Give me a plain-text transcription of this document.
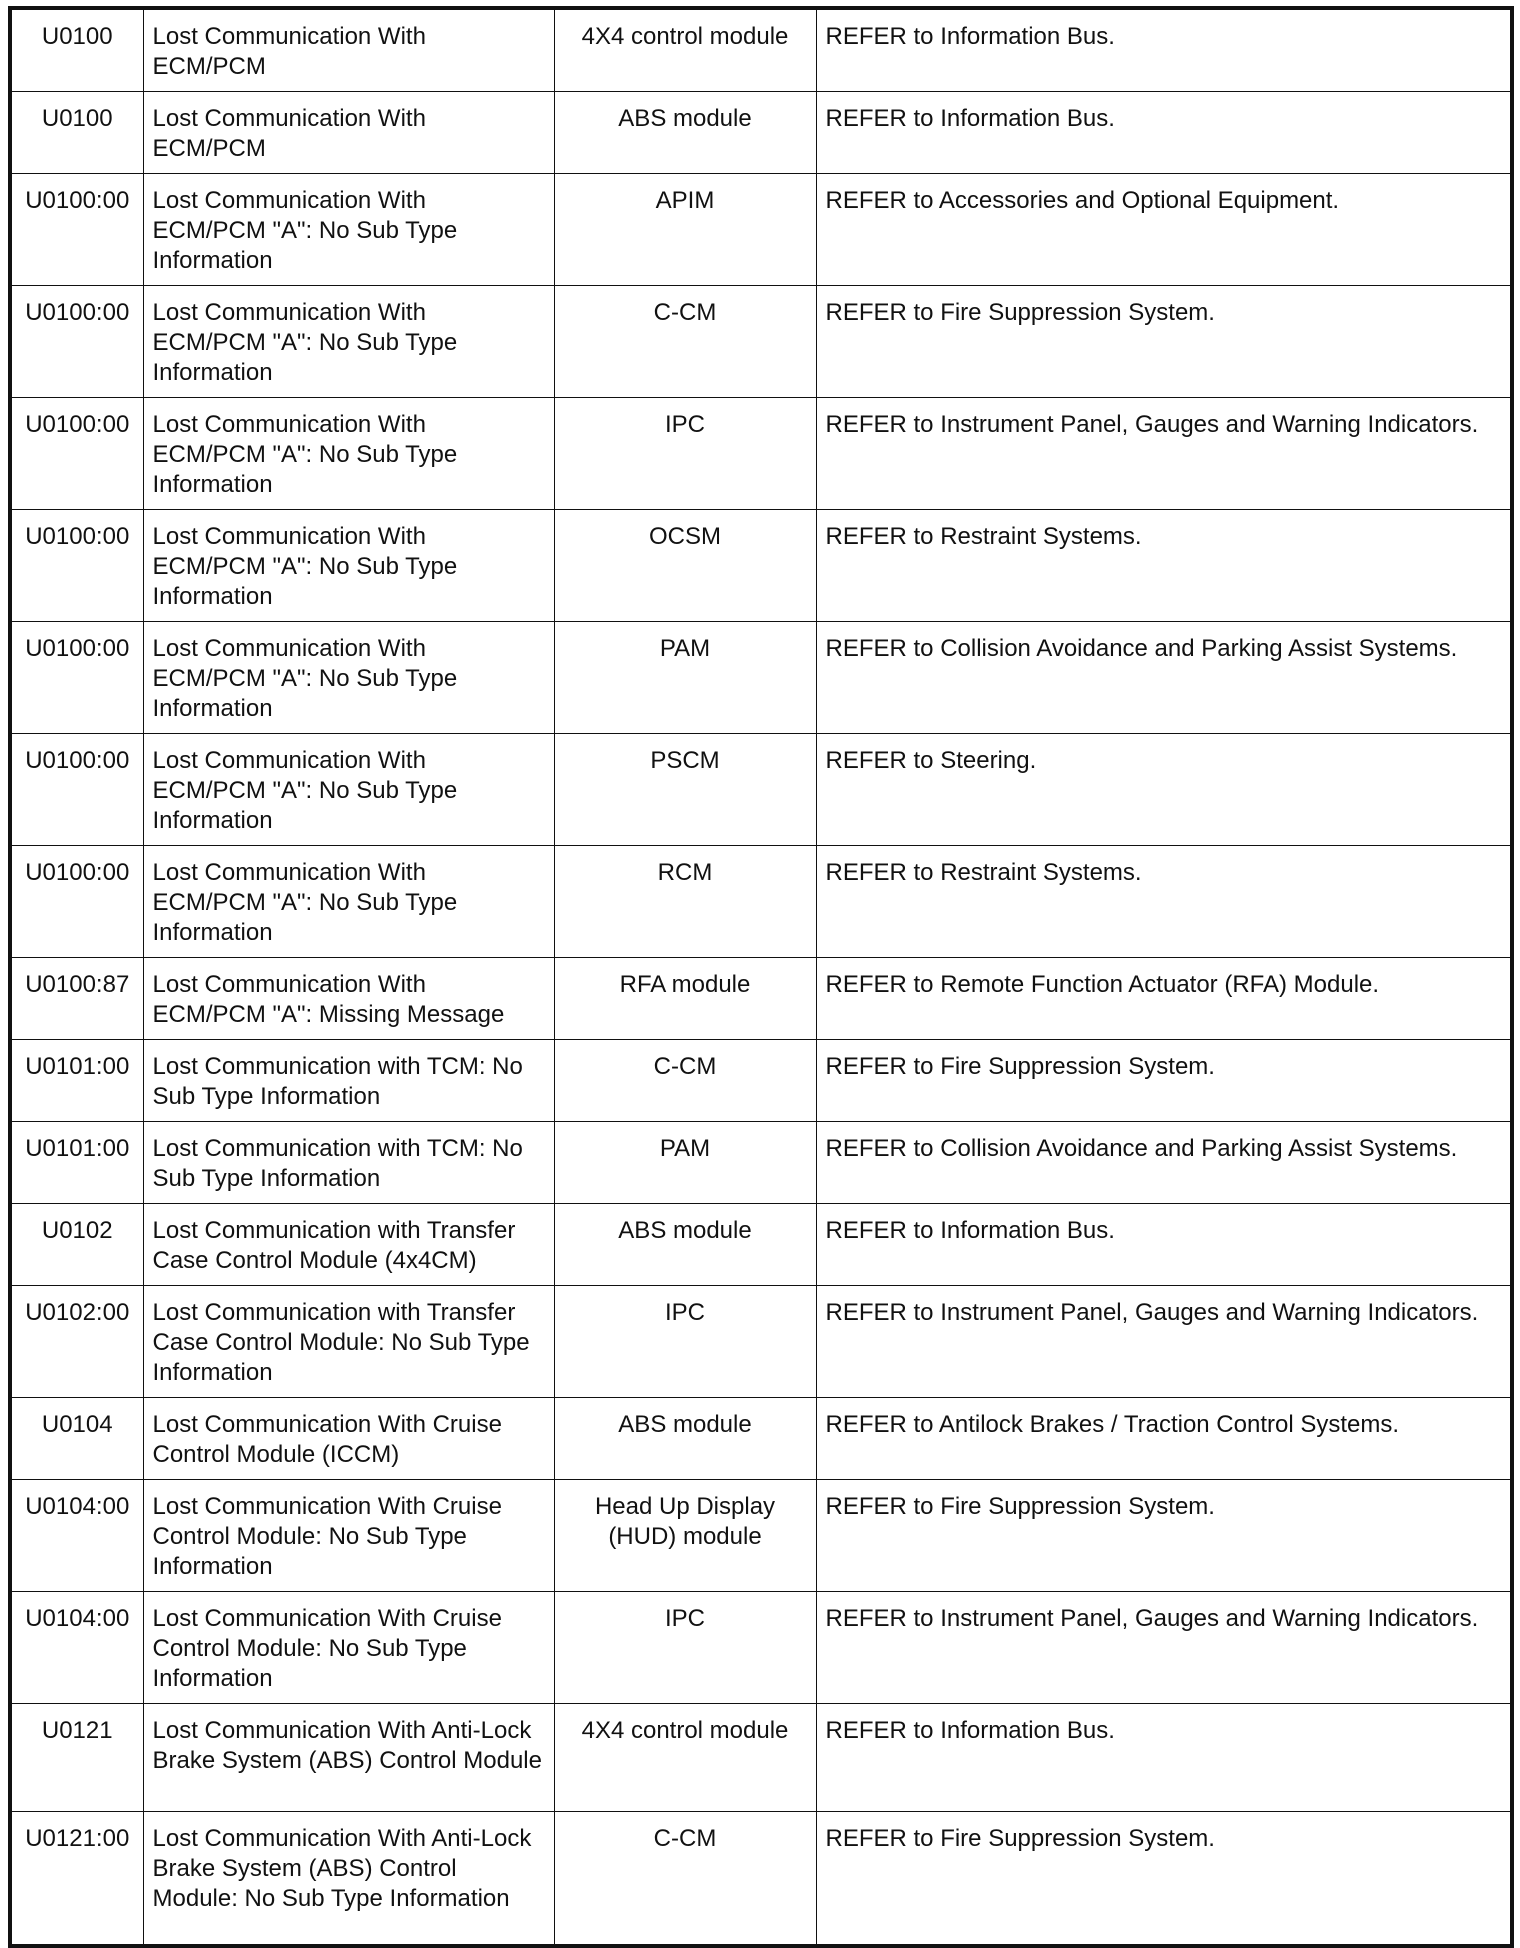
U0100	Lost Communication With ECM/PCM	4X4 control module	REFER to Information Bus.
U0100	Lost Communication With ECM/PCM	ABS module	REFER to Information Bus.
U0100:00	Lost Communication With ECM/PCM "A": No Sub Type Information	APIM	REFER to Accessories and Optional Equipment.
U0100:00	Lost Communication With ECM/PCM "A": No Sub Type Information	C-CM	REFER to Fire Suppression System.
U0100:00	Lost Communication With ECM/PCM "A": No Sub Type Information	IPC	REFER to Instrument Panel, Gauges and Warning Indicators.
U0100:00	Lost Communication With ECM/PCM "A": No Sub Type Information	OCSM	REFER to Restraint Systems.
U0100:00	Lost Communication With ECM/PCM "A": No Sub Type Information	PAM	REFER to Collision Avoidance and Parking Assist Systems.
U0100:00	Lost Communication With ECM/PCM "A": No Sub Type Information	PSCM	REFER to Steering.
U0100:00	Lost Communication With ECM/PCM "A": No Sub Type Information	RCM	REFER to Restraint Systems.
U0100:87	Lost Communication With ECM/PCM "A": Missing Message	RFA module	REFER to Remote Function Actuator (RFA) Module.
U0101:00	Lost Communication with TCM: No Sub Type Information	C-CM	REFER to Fire Suppression System.
U0101:00	Lost Communication with TCM: No Sub Type Information	PAM	REFER to Collision Avoidance and Parking Assist Systems.
U0102	Lost Communication with Transfer Case Control Module (4x4CM)	ABS module	REFER to Information Bus.
U0102:00	Lost Communication with Transfer Case Control Module: No Sub Type Information	IPC	REFER to Instrument Panel, Gauges and Warning Indicators.
U0104	Lost Communication With Cruise Control Module (ICCM)	ABS module	REFER to Antilock Brakes / Traction Control Systems.
U0104:00	Lost Communication With Cruise Control Module: No Sub Type Information	Head Up Display (HUD) module	REFER to Fire Suppression System.
U0104:00	Lost Communication With Cruise Control Module: No Sub Type Information	IPC	REFER to Instrument Panel, Gauges and Warning Indicators.
U0121	Lost Communication With Anti-Lock Brake System (ABS) Control Module	4X4 control module	REFER to Information Bus.
U0121:00	Lost Communication With Anti-Lock Brake System (ABS) Control Module: No Sub Type Information	C-CM	REFER to Fire Suppression System.
